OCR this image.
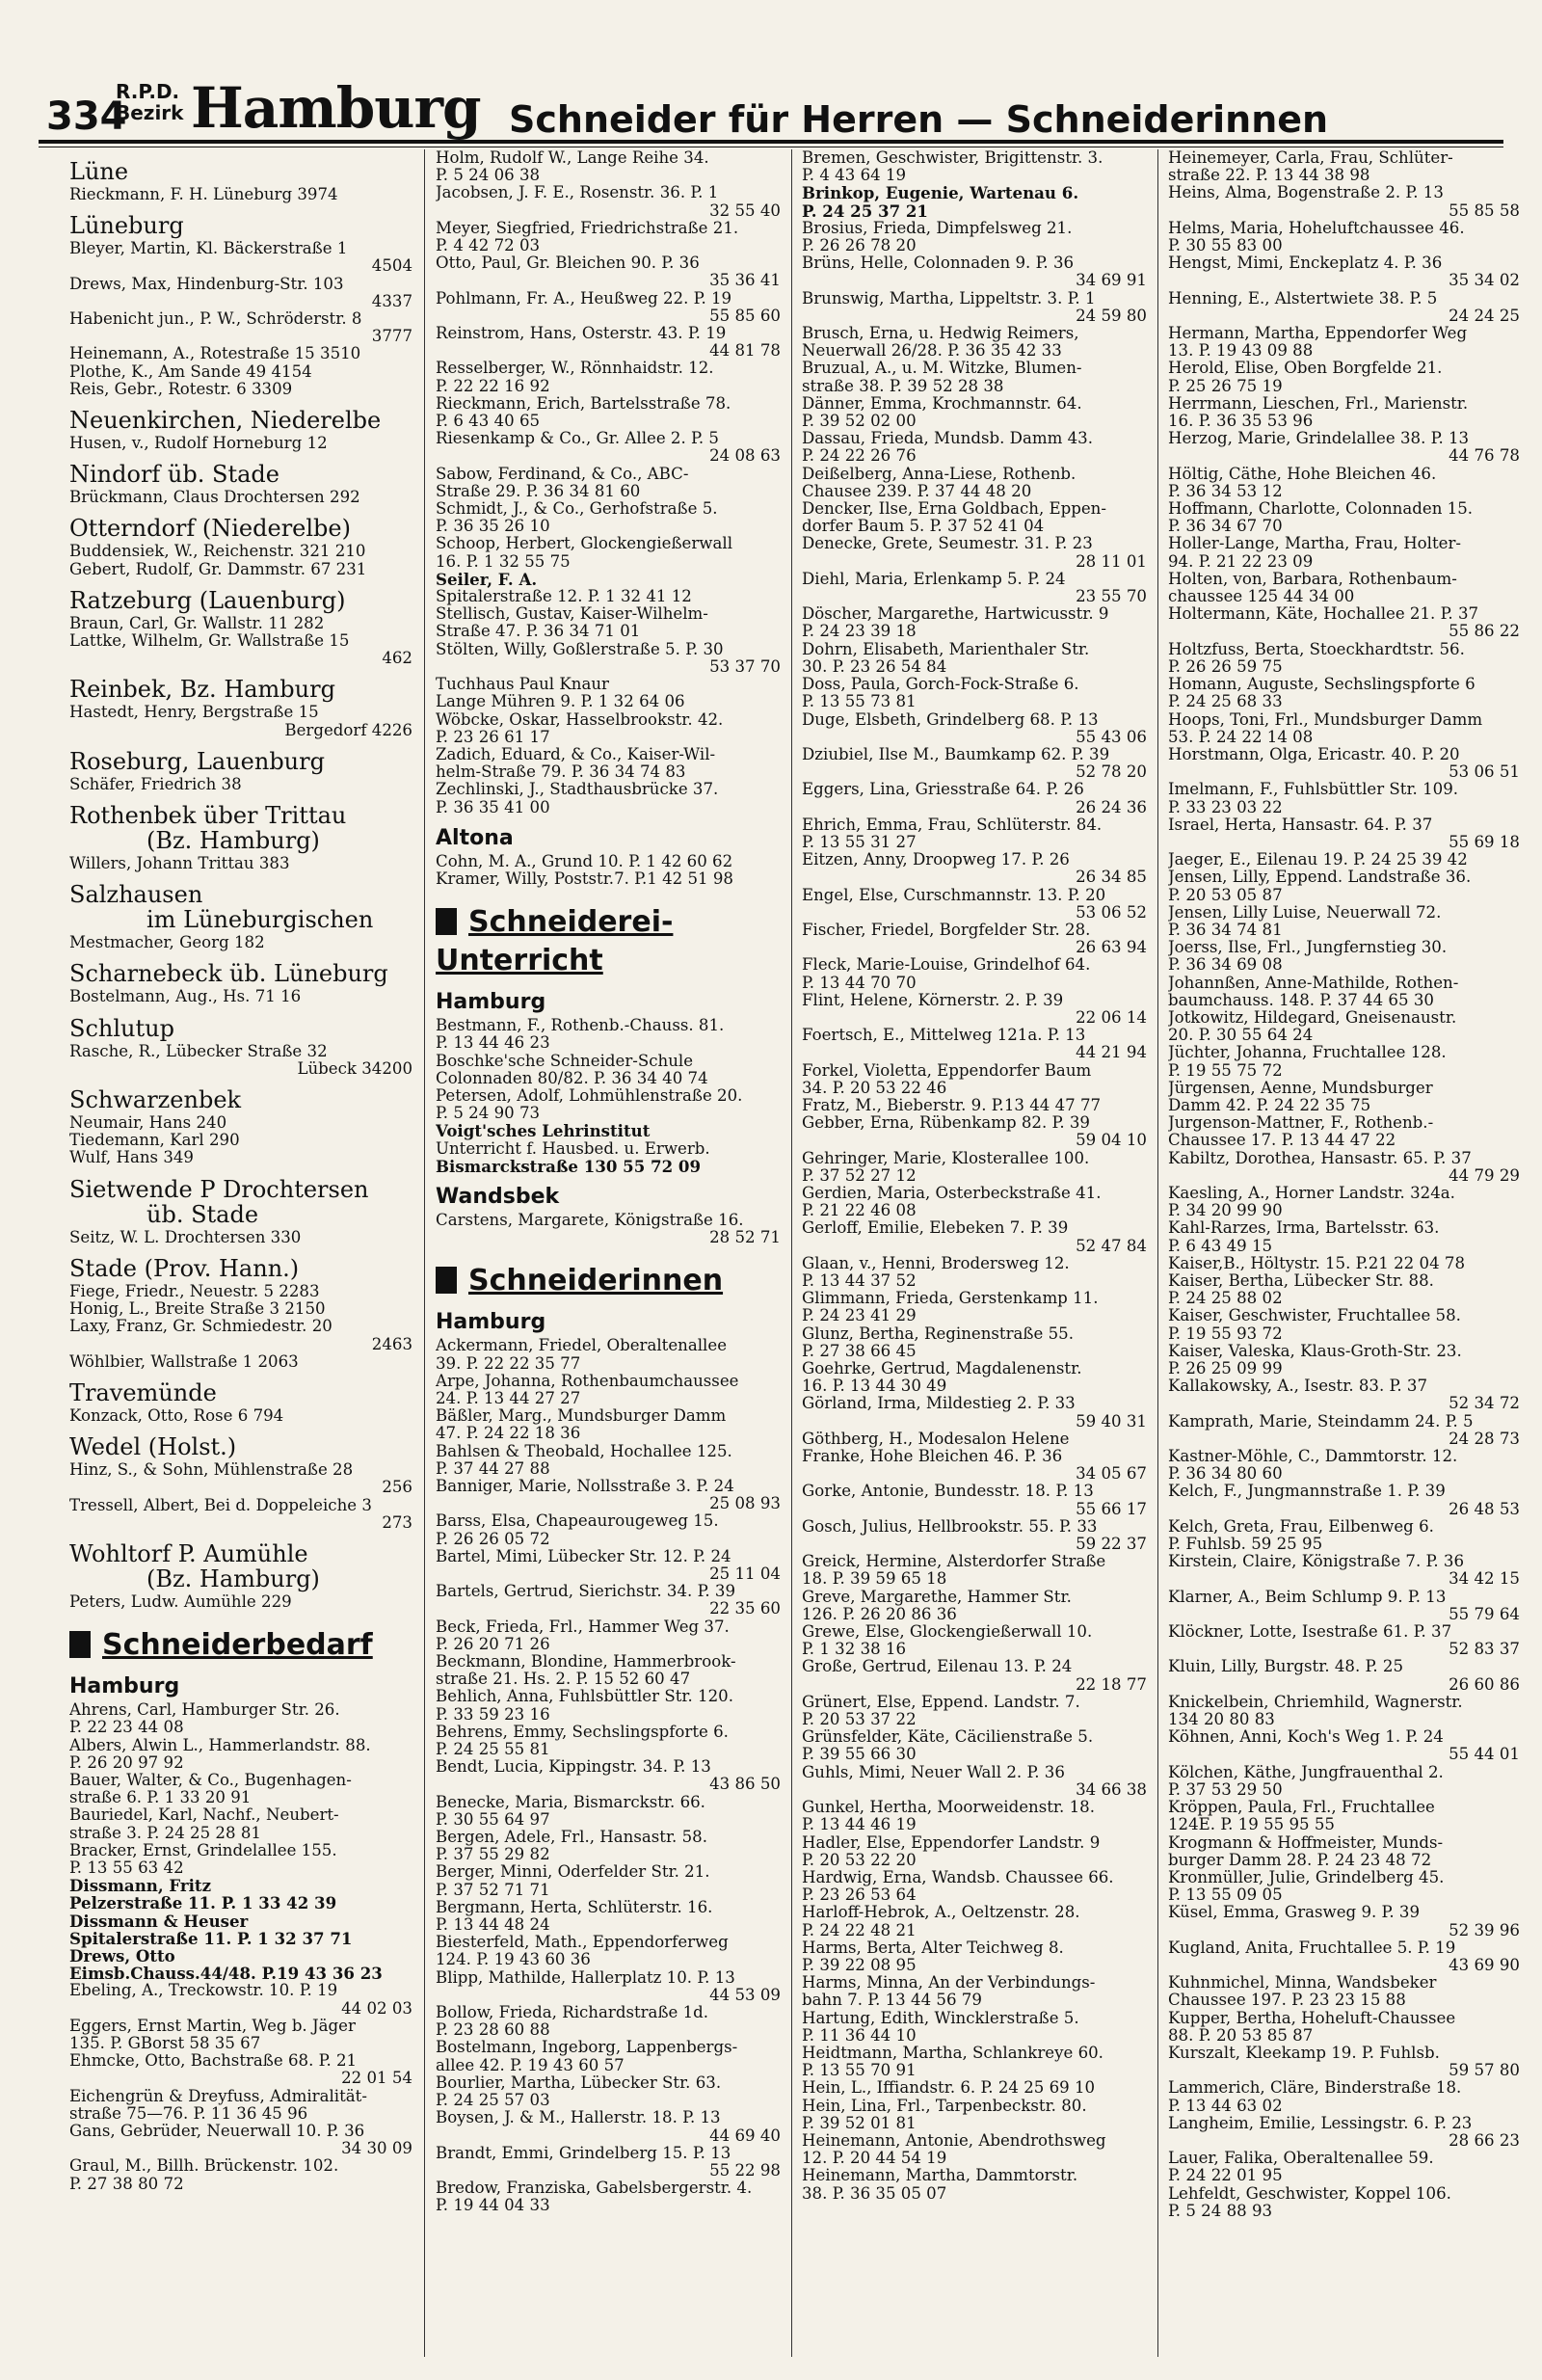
334
R.P.D.
Bezirk Hamburg Schneider für Herren — Schneiderinnen
Lüne
Rieckmann, F. H. Lüneburg 3974
Lüneburg
Bleyer, Martin, Kl. Bäckerstraße 1
4504
Drews, Max, Hindenburg-Str. 103
4337
Habenicht jun., P. W., Schröderstr. 8
3777
Heinemann, A., Rotestraße 15 3510
Plothe, K., Am Sande 49 4154
Reis, Gebr., Rotestr. 6 3309
Neuenkirchen, Niederelbe
Husen, v., Rudolf Horneburg 12
Nindorf üb. Stade
Brückmann, Claus Drochtersen 292
Otterndorf (Niederelbe)
Buddensiek, W., Reichenstr. 321 210
Gebert, Rudolf, Gr. Dammstr. 67 231
Ratzeburg (Lauenburg)
Braun, Carl, Gr. Wallstr. 11 282
Lattke, Wilhelm, Gr. Wallstraße 15
462
Reinbek, Bz. Hamburg
Hastedt, Henry, Bergstraße 15
Bergedorf 4226
Roseburg, Lauenburg
Schäfer, Friedrich 38
Rothenbek über Trittau
(Bz. Hamburg)
Willers, Johann Trittau 383
Salzhausen
im Lüneburgischen
Mestmacher, Georg 182
Scharnebeck üb. Lüneburg
Bostelmann, Aug., Hs. 71 16
Schlutup
Rasche, R., Lübecker Straße 32
Lübeck 34200
Schwarzenbek
Neumair, Hans 240
Tiedemann, Karl 290
Wulf, Hans 349
Sietwende P Drochtersen
üb. Stade
Seitz, W. L. Drochtersen 330
Stade (Prov. Hann.)
Fiege, Friedr., Neuestr. 5 2283
Honig, L., Breite Straße 3 2150
Laxy, Franz, Gr. Schmiedestr. 20
2463
Wöhlbier, Wallstraße 1 2063
Travemünde
Konzack, Otto, Rose 6 794
Wedel (Holst.)
Hinz, S., & Sohn, Mühlenstraße 28
256
Tressell, Albert, Bei d. Doppeleiche 3
273
Wohltorf P. Aumühle
(Bz. Hamburg)
Peters, Ludw. Aumühle 229
Schneiderbedarf
Hamburg
Ahrens, Carl, Hamburger Str. 26.
P. 22 23 44 08
Albers, Alwin L., Hammerlandstr. 88.
P. 26 20 97 92
Bauer, Walter, & Co., Bugenhagen-
straße 6. P. 1 33 20 91
Bauriedel, Karl, Nachf., Neubert-
straße 3. P. 24 25 28 81
Bracker, Ernst, Grindelallee 155.
P. 13 55 63 42
Dissmann, Fritz
Pelzerstraße 11. P. 1 33 42 39
Dissmann & Heuser
Spitalerstraße 11. P. 1 32 37 71
Drews, Otto
Eimsb.Chauss.44/48. P.19 43 36 23
Ebeling, A., Treckowstr. 10. P. 19
44 02 03
Eggers, Ernst Martin, Weg b. Jäger
135. P. GBorst 58 35 67
Ehmcke, Otto, Bachstraße 68. P. 21
22 01 54
Eichengrün & Dreyfuss, Admiralität-
straße 75—76. P. 11 36 45 96
Gans, Gebrüder, Neuerwall 10. P. 36
34 30 09
Graul, M., Billh. Brückenstr. 102.
P. 27 38 80 72
Holm, Rudolf W., Lange Reihe 34.
P. 5 24 06 38
Jacobsen, J. F. E., Rosenstr. 36. P. 1
32 55 40
Meyer, Siegfried, Friedrichstraße 21.
P. 4 42 72 03
Otto, Paul, Gr. Bleichen 90. P. 36
35 36 41
Pohlmann, Fr. A., Heußweg 22. P. 19
55 85 60
Reinstrom, Hans, Osterstr. 43. P. 19
44 81 78
Resselberger, W., Rönnhaidstr. 12.
P. 22 22 16 92
Rieckmann, Erich, Bartelsstraße 78.
P. 6 43 40 65
Riesenkamp & Co., Gr. Allee 2. P. 5
24 08 63
Sabow, Ferdinand, & Co., ABC-
Straße 29. P. 36 34 81 60
Schmidt, J., & Co., Gerhofstraße 5.
P. 36 35 26 10
Schoop, Herbert, Glockengießerwall
16. P. 1 32 55 75
Seiler, F. A.
Spitalerstraße 12. P. 1 32 41 12
Stellisch, Gustav, Kaiser-Wilhelm-
Straße 47. P. 36 34 71 01
Stölten, Willy, Goßlerstraße 5. P. 30
53 37 70
Tuchhaus Paul Knaur
Lange Mühren 9. P. 1 32 64 06
Wöbcke, Oskar, Hasselbrookstr. 42.
P. 23 26 61 17
Zadich, Eduard, & Co., Kaiser-Wil-
helm-Straße 79. P. 36 34 74 83
Zechlinski, J., Stadthausbrücke 37.
P. 36 35 41 00
Altona
Cohn, M. A., Grund 10. P. 1 42 60 62
Kramer, Willy, Poststr.7. P.1 42 51 98
Schneiderei-Unterricht
Hamburg
Bestmann, F., Rothenb.-Chauss. 81.
P. 13 44 46 23
Boschke'sche Schneider-Schule
Colonnaden 80/82. P. 36 34 40 74
Petersen, Adolf, Lohmühlenstraße 20.
P. 5 24 90 73
Voigt'sches Lehrinstitut
Unterricht f. Hausbed. u. Erwerb.
Bismarckstraße 130 55 72 09
Wandsbek
Carstens, Margarete, Königstraße 16.
28 52 71
Schneiderinnen
Hamburg
Ackermann, Friedel, Oberaltenallee
39. P. 22 22 35 77
Arpe, Johanna, Rothenbaumchaussee
24. P. 13 44 27 27
Bäßler, Marg., Mundsburger Damm
47. P. 24 22 18 36
Bahlsen & Theobald, Hochallee 125.
P. 37 44 27 88
Banniger, Marie, Nollsstraße 3. P. 24
25 08 93
Barss, Elsa, Chapeaurougeweg 15.
P. 26 26 05 72
Bartel, Mimi, Lübecker Str. 12. P. 24
25 11 04
Bartels, Gertrud, Sierichstr. 34. P. 39
22 35 60
Beck, Frieda, Frl., Hammer Weg 37.
P. 26 20 71 26
Beckmann, Blondine, Hammerbrook-
straße 21. Hs. 2. P. 15 52 60 47
Behlich, Anna, Fuhlsbüttler Str. 120.
P. 33 59 23 16
Behrens, Emmy, Sechslingspforte 6.
P. 24 25 55 81
Bendt, Lucia, Kippingstr. 34. P. 13
43 86 50
Benecke, Maria, Bismarckstr. 66.
P. 30 55 64 97
Bergen, Adele, Frl., Hansastr. 58.
P. 37 55 29 82
Berger, Minni, Oderfelder Str. 21.
P. 37 52 71 71
Bergmann, Herta, Schlüterstr. 16.
P. 13 44 48 24
Biesterfeld, Math., Eppendorferweg
124. P. 19 43 60 36
Blipp, Mathilde, Hallerplatz 10. P. 13
44 53 09
Bollow, Frieda, Richardstraße 1d.
P. 23 28 60 88
Bostelmann, Ingeborg, Lappenbergs-
allee 42. P. 19 43 60 57
Bourlier, Martha, Lübecker Str. 63.
P. 24 25 57 03
Boysen, J. & M., Hallerstr. 18. P. 13
44 69 40
Brandt, Emmi, Grindelberg 15. P. 13
55 22 98
Bredow, Franziska, Gabelsbergerstr. 4.
P. 19 44 04 33
Bremen, Geschwister, Brigittenstr. 3.
P. 4 43 64 19
Brinkop, Eugenie, Wartenau 6.
P. 24 25 37 21
Brosius, Frieda, Dimpfelsweg 21.
P. 26 26 78 20
Brüns, Helle, Colonnaden 9. P. 36
34 69 91
Brunswig, Martha, Lippeltstr. 3. P. 1
24 59 80
Brusch, Erna, u. Hedwig Reimers,
Neuerwall 26/28. P. 36 35 42 33
Bruzual, A., u. M. Witzke, Blumen-
straße 38. P. 39 52 28 38
Dänner, Emma, Krochmannstr. 64.
P. 39 52 02 00
Dassau, Frieda, Mundsb. Damm 43.
P. 24 22 26 76
Deißelberg, Anna-Liese, Rothenb.
Chausee 239. P. 37 44 48 20
Dencker, Ilse, Erna Goldbach, Eppen-
dorfer Baum 5. P. 37 52 41 04
Denecke, Grete, Seumestr. 31. P. 23
28 11 01
Diehl, Maria, Erlenkamp 5. P. 24
23 55 70
Döscher, Margarethe, Hartwicusstr. 9
P. 24 23 39 18
Dohrn, Elisabeth, Marienthaler Str.
30. P. 23 26 54 84
Doss, Paula, Gorch-Fock-Straße 6.
P. 13 55 73 81
Duge, Elsbeth, Grindelberg 68. P. 13
55 43 06
Dziubiel, Ilse M., Baumkamp 62. P. 39
52 78 20
Eggers, Lina, Griesstraße 64. P. 26
26 24 36
Ehrich, Emma, Frau, Schlüterstr. 84.
P. 13 55 31 27
Eitzen, Anny, Droopweg 17. P. 26
26 34 85
Engel, Else, Curschmannstr. 13. P. 20
53 06 52
Fischer, Friedel, Borgfelder Str. 28.
26 63 94
Fleck, Marie-Louise, Grindelhof 64.
P. 13 44 70 70
Flint, Helene, Körnerstr. 2. P. 39
22 06 14
Foertsch, E., Mittelweg 121a. P. 13
44 21 94
Forkel, Violetta, Eppendorfer Baum
34. P. 20 53 22 46
Fratz, M., Bieberstr. 9. P.13 44 47 77
Gebber, Erna, Rübenkamp 82. P. 39
59 04 10
Gehringer, Marie, Klosterallee 100.
P. 37 52 27 12
Gerdien, Maria, Osterbeckstraße 41.
P. 21 22 46 08
Gerloff, Emilie, Elebeken 7. P. 39
52 47 84
Glaan, v., Henni, Brodersweg 12.
P. 13 44 37 52
Glimmann, Frieda, Gerstenkamp 11.
P. 24 23 41 29
Glunz, Bertha, Reginenstraße 55.
P. 27 38 66 45
Goehrke, Gertrud, Magdalenenstr.
16. P. 13 44 30 49
Görland, Irma, Mildestieg 2. P. 33
59 40 31
Göthberg, H., Modesalon Helene
Franke, Hohe Bleichen 46. P. 36
34 05 67
Gorke, Antonie, Bundesstr. 18. P. 13
55 66 17
Gosch, Julius, Hellbrookstr. 55. P. 33
59 22 37
Greick, Hermine, Alsterdorfer Straße
18. P. 39 59 65 18
Greve, Margarethe, Hammer Str.
126. P. 26 20 86 36
Grewe, Else, Glockengießerwall 10.
P. 1 32 38 16
Große, Gertrud, Eilenau 13. P. 24
22 18 77
Grünert, Else, Eppend. Landstr. 7.
P. 20 53 37 22
Grünsfelder, Käte, Cäcilienstraße 5.
P. 39 55 66 30
Guhls, Mimi, Neuer Wall 2. P. 36
34 66 38
Gunkel, Hertha, Moorweidenstr. 18.
P. 13 44 46 19
Hadler, Else, Eppendorfer Landstr. 9
P. 20 53 22 20
Hardwig, Erna, Wandsb. Chaussee 66.
P. 23 26 53 64
Harloff-Hebrok, A., Oeltzenstr. 28.
P. 24 22 48 21
Harms, Berta, Alter Teichweg 8.
P. 39 22 08 95
Harms, Minna, An der Verbindungs-
bahn 7. P. 13 44 56 79
Hartung, Edith, Wincklerstraße 5.
P. 11 36 44 10
Heidtmann, Martha, Schlankreye 60.
P. 13 55 70 91
Hein, L., Iffiandstr. 6. P. 24 25 69 10
Hein, Lina, Frl., Tarpenbeckstr. 80.
P. 39 52 01 81
Heinemann, Antonie, Abendrothsweg
12. P. 20 44 54 19
Heinemann, Martha, Dammtorstr.
38. P. 36 35 05 07
Heinemeyer, Carla, Frau, Schlüter-
straße 22. P. 13 44 38 98
Heins, Alma, Bogenstraße 2. P. 13
55 85 58
Helms, Maria, Hoheluftchaussee 46.
P. 30 55 83 00
Hengst, Mimi, Enckeplatz 4. P. 36
35 34 02
Henning, E., Alstertwiete 38. P. 5
24 24 25
Hermann, Martha, Eppendorfer Weg
13. P. 19 43 09 88
Herold, Elise, Oben Borgfelde 21.
P. 25 26 75 19
Herrmann, Lieschen, Frl., Marienstr.
16. P. 36 35 53 96
Herzog, Marie, Grindelallee 38. P. 13
44 76 78
Höltig, Cäthe, Hohe Bleichen 46.
P. 36 34 53 12
Hoffmann, Charlotte, Colonnaden 15.
P. 36 34 67 70
Holler-Lange, Martha, Frau, Holter-
94. P. 21 22 23 09
Holten, von, Barbara, Rothenbaum-
chaussee 125 44 34 00
Holtermann, Käte, Hochallee 21. P. 37
55 86 22
Holtzfuss, Berta, Stoeckhardtstr. 56.
P. 26 26 59 75
Homann, Auguste, Sechslingspforte 6
P. 24 25 68 33
Hoops, Toni, Frl., Mundsburger Damm
53. P. 24 22 14 08
Horstmann, Olga, Ericastr. 40. P. 20
53 06 51
Imelmann, F., Fuhlsbüttler Str. 109.
P. 33 23 03 22
Israel, Herta, Hansastr. 64. P. 37
55 69 18
Jaeger, E., Eilenau 19. P. 24 25 39 42
Jensen, Lilly, Eppend. Landstraße 36.
P. 20 53 05 87
Jensen, Lilly Luise, Neuerwall 72.
P. 36 34 74 81
Joerss, Ilse, Frl., Jungfernstieg 30.
P. 36 34 69 08
Johannßen, Anne-Mathilde, Rothen-
baumchauss. 148. P. 37 44 65 30
Jotkowitz, Hildegard, Gneisenaustr.
20. P. 30 55 64 24
Jüchter, Johanna, Fruchtallee 128.
P. 19 55 75 72
Jürgensen, Aenne, Mundsburger
Damm 42. P. 24 22 35 75
Jurgenson-Mattner, F., Rothenb.-
Chaussee 17. P. 13 44 47 22
Kabiltz, Dorothea, Hansastr. 65. P. 37
44 79 29
Kaesling, A., Horner Landstr. 324a.
P. 34 20 99 90
Kahl-Rarzes, Irma, Bartelsstr. 63.
P. 6 43 49 15
Kaiser,B., Höltystr. 15. P.21 22 04 78
Kaiser, Bertha, Lübecker Str. 88.
P. 24 25 88 02
Kaiser, Geschwister, Fruchtallee 58.
P. 19 55 93 72
Kaiser, Valeska, Klaus-Groth-Str. 23.
P. 26 25 09 99
Kallakowsky, A., Isestr. 83. P. 37
52 34 72
Kamprath, Marie, Steindamm 24. P. 5
24 28 73
Kastner-Möhle, C., Dammtorstr. 12.
P. 36 34 80 60
Kelch, F., Jungmannstraße 1. P. 39
26 48 53
Kelch, Greta, Frau, Eilbenweg 6.
P. Fuhlsb. 59 25 95
Kirstein, Claire, Königstraße 7. P. 36
34 42 15
Klarner, A., Beim Schlump 9. P. 13
55 79 64
Klöckner, Lotte, Isestraße 61. P. 37
52 83 37
Kluin, Lilly, Burgstr. 48. P. 25
26 60 86
Knickelbein, Chriemhild, Wagnerstr.
134 20 80 83
Köhnen, Anni, Koch's Weg 1. P. 24
55 44 01
Kölchen, Käthe, Jungfrauenthal 2.
P. 37 53 29 50
Kröppen, Paula, Frl., Fruchtallee
124E. P. 19 55 95 55
Krogmann & Hoffmeister, Munds-
burger Damm 28. P. 24 23 48 72
Kronmüller, Julie, Grindelberg 45.
P. 13 55 09 05
Küsel, Emma, Grasweg 9. P. 39
52 39 96
Kugland, Anita, Fruchtallee 5. P. 19
43 69 90
Kuhnmichel, Minna, Wandsbeker
Chaussee 197. P. 23 23 15 88
Kupper, Bertha, Hoheluft-Chaussee
88. P. 20 53 85 87
Kurszalt, Kleekamp 19. P. Fuhlsb.
59 57 80
Lammerich, Cläre, Binderstraße 18.
P. 13 44 63 02
Langheim, Emilie, Lessingstr. 6. P. 23
28 66 23
Lauer, Falika, Oberaltenallee 59.
P. 24 22 01 95
Lehfeldt, Geschwister, Koppel 106.
P. 5 24 88 93
